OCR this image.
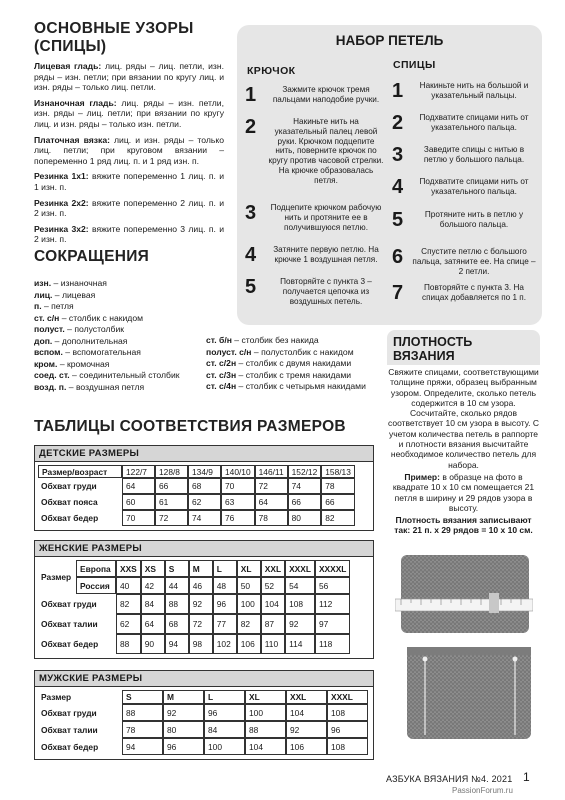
ОСНОВНЫЕ УЗОРЫ (СПИЦЫ)
Лицевая гладь: лиц. ряды – лиц. петли, изн. ряды – изн. петли; при вязании по кругу лиц. и изн. ряды – только лиц. петли.
Изнаночная гладь: лиц. ряды – изн. петли, изн. ряды – лиц. петли; при вязании по кругу лиц. и изн. ряды – только изн. петли.
Платочная вязка: лиц. и изн. ряды – только лиц. петли; при круговом вязании – попеременно 1 ряд лиц. п. и 1 ряд изн. п.
Резинка 1х1: вяжите попеременно 1 лиц. п. и 1 изн. п.
Резинка 2х2: вяжите попеременно 2 лиц. п. и 2 изн. п.
Резинка 3х2: вяжите попеременно 3 лиц. п. и 2 изн. п.
СОКРАЩЕНИЯ
изн. – изнаночная
лиц. – лицевая
п. – петля
ст. с/н – столбик с накидом
полуст. – полустолбик
доп. – дополнительная
вспом. – вспомогательная
кром. – кромочная
соед. ст. – соединительный столбик
возд. п. – воздушная петля
ст. б/н – столбик без накида
полуст. с/н – полустолбик с накидом
ст. с/2н – столбик с двумя накидами
ст. с/3н – столбик с тремя накидами
ст. с/4н – столбик с четырьмя накидами
НАБОР ПЕТЕЛЬ
КРЮЧОК	СПИЦЫ
1	Зажмите крючок тремя пальцами наподобие ручки.
2	Накиньте нить на указательный палец левой руки. Крючком подцепите нить, поверните крючок по кругу против часовой стрелки. На крючке образовалась петля.
3	Подцепите крючком рабочую нить и протяните ее в получившуюся петлю.
4	Затяните первую петлю. На крючке 1 воздушная петля.
5	Повторяйте с пункта 3 – получается цепочка из воздушных петель.
1	Накиньте нить на большой и указательный пальцы.
2	Подхватите спицами нить от указательного пальца.
3	Заведите спицы с нитью в петлю у большого пальца.
4	Подхватите спицами нить от указательного пальца.
5	Протяните нить в петлю у большого пальца.
6	Спустите петлю с большого пальца, затяните ее. На спице – 2 петли.
7	Повторяйте с пункта 3. На спицах добавляется по 1 п.
ПЛОТНОСТЬ ВЯЗАНИЯ
Свяжите спицами, соответствующими толщине пряжи, образец выбранным узором. Определите, сколько петель содержится в 10 см узора. Сосчитайте, сколько рядов соответствует 10 см узора в высоту. С учетом количества петель в раппорте и плотности вязания высчитайте необходимое количество петель для набора.
Пример: в образце на фото в квадрате 10 х 10 см помещается 21 петля в ширину и 29 рядов узора в высоту.
Плотность вязания записывают так: 21 п. х 29 рядов = 10 х 10 см.
ТАБЛИЦЫ СООТВЕТСТВИЯ РАЗМЕРОВ
ДЕТСКИЕ РАЗМЕРЫ
Размер/возраст	122/7	128/8	134/9	140/10	146/11	152/12	158/13
Обхват груди	64	66	68	70	72	74	78
Обхват пояса	60	61	62	63	64	66	66
Обхват бедер	70	72	74	76	78	80	82
ЖЕНСКИЕ РАЗМЕРЫ
Размер	Европа	XXS	XS	S	M	L	XL	XXL	XXXL	XXXXL
	Россия	40	42	44	46	48	50	52	54	56
Обхват груди		82	84	88	92	96	100	104	108	112
Обхват талии		62	64	68	72	77	82	87	92	97
Обхват бедер		88	90	94	98	102	106	110	114	118
МУЖСКИЕ РАЗМЕРЫ
Размер	S	M	L	XL	XXL	XXXL
Обхват груди	88	92	96	100	104	108
Обхват талии	78	80	84	88	92	96
Обхват бедер	94	96	100	104	106	108
АЗБУКА ВЯЗАНИЯ №4. 2021 1
PassionForum.ru
